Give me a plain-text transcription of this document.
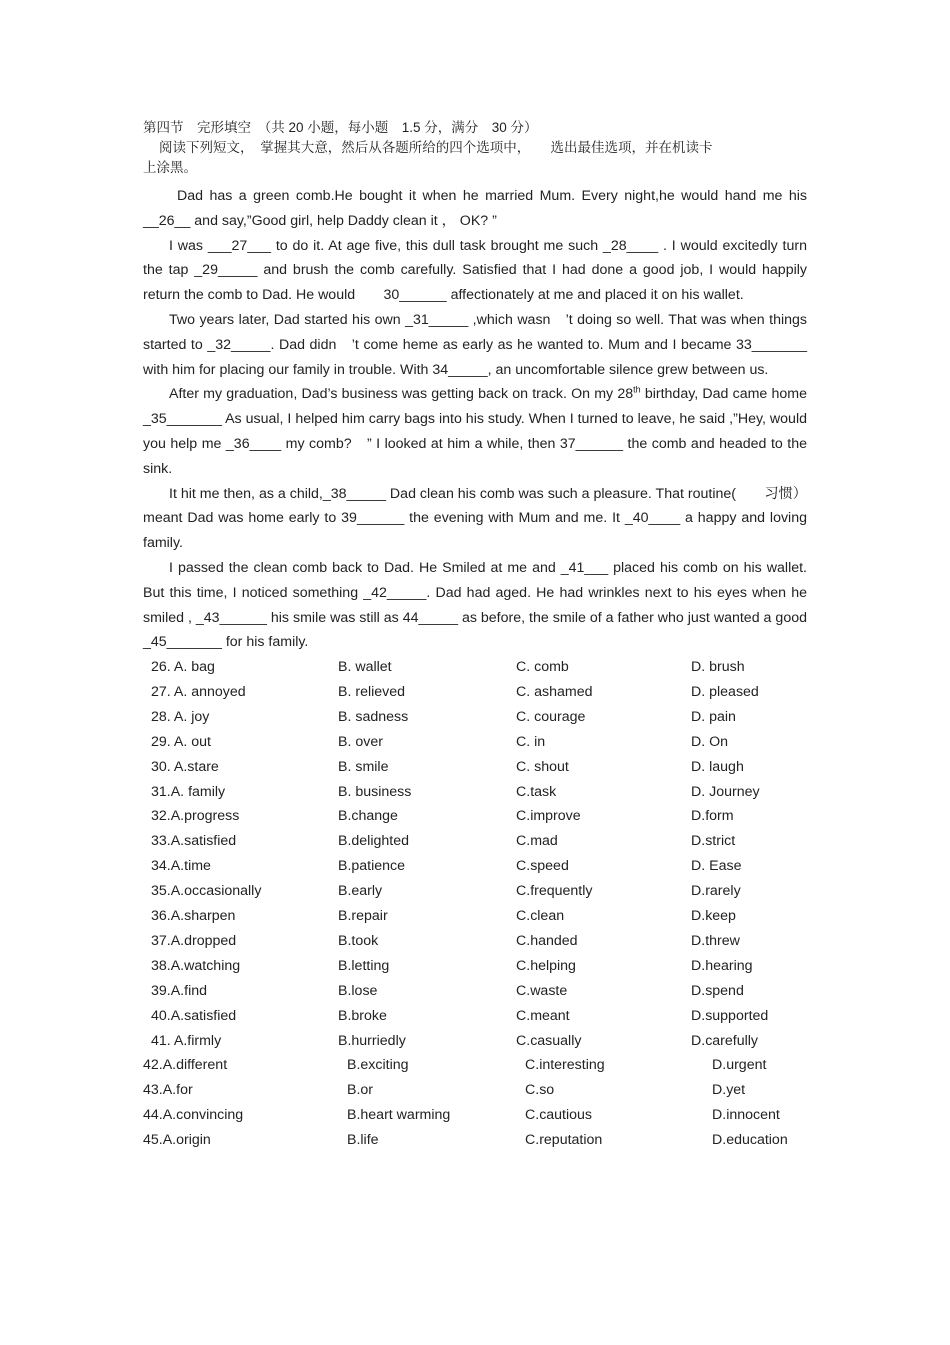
第四节　完形填空　（共 20 小题，每小题　1.5 分，满分　30 分）
阅读下列短文，　掌握其大意，然后从各题所给的四个选项中，　　选出最佳选项，并在机读卡
上涂黑。

Dad has a green comb.He bought it when he married Mum. Every night,he would hand me his __26__ and say,”Good girl, help Daddy clean it ， OK? ”

I was ___27___ to do it. At age five, this dull task brought me such _28____ . I would excitedly turn the tap _29_____ and brush the comb carefully. Satisfied that I had done a good job, I would happily return the comb to Dad. He would　　30______ affectionately at me and placed it on his wallet.

Two years later, Dad started his own _31_____ ,which wasn　’t doing so well. That was when things started to _32_____. Dad didn　’t come heme as early as he wanted to. Mum and I became 33_______ with him for placing our family in trouble. With 34_____, an uncomfortable silence grew between us.

After my graduation, Dad’s business was getting back on track. On my 28th birthday, Dad came home _35_______ As usual, I helped him carry bags into his study. When I turned to leave, he said ,”Hey, would you help me _36____ my comb?　” I looked at him a while, then 37______ the comb and headed to the sink.

It hit me then, as a child,_38_____ Dad clean his comb was such a pleasure. That routine(　　习惯） meant Dad was home early to 39______ the evening with Mum and me. It _40____ a happy and loving family.

I passed the clean comb back to Dad. He Smiled at me and _41___ placed his comb on his wallet. But this time, I noticed something _42_____. Dad had aged. He had wrinkles next to his eyes when he smiled , _43______ his smile was still as 44_____ as before, the smile of a father who just wanted a good _45_______ for his family.

26. A. bag	B. wallet	C. comb	D. brush
27. A. annoyed	B. relieved	C. ashamed	D. pleased
28. A. joy	B. sadness	C. courage	D. pain
29. A. out	B. over	C. in	D. On
30. A.stare	B. smile	C. shout	D. laugh
31.A. family	B. business	C.task	D. Journey
32.A.progress	B.change	C.improve	D.form
33.A.satisfied	B.delighted	C.mad	D.strict
34.A.time	B.patience	C.speed	D. Ease
35.A.occasionally	B.early	C.frequently	D.rarely
36.A.sharpen	B.repair	C.clean	D.keep
37.A.dropped	B.took	C.handed	D.threw
38.A.watching	B.letting	C.helping	D.hearing
39.A.find	B.lose	C.waste	D.spend
40.A.satisfied	B.broke	C.meant	D.supported
41. A.firmly	B.hurriedly	C.casually	D.carefully
42.A.different	B.exciting	C.interesting	D.urgent
43.A.for	B.or	C.so	D.yet
44.A.convincing	B.heart warming	C.cautious	D.innocent
45.A.origin	B.life	C.reputation	D.education
